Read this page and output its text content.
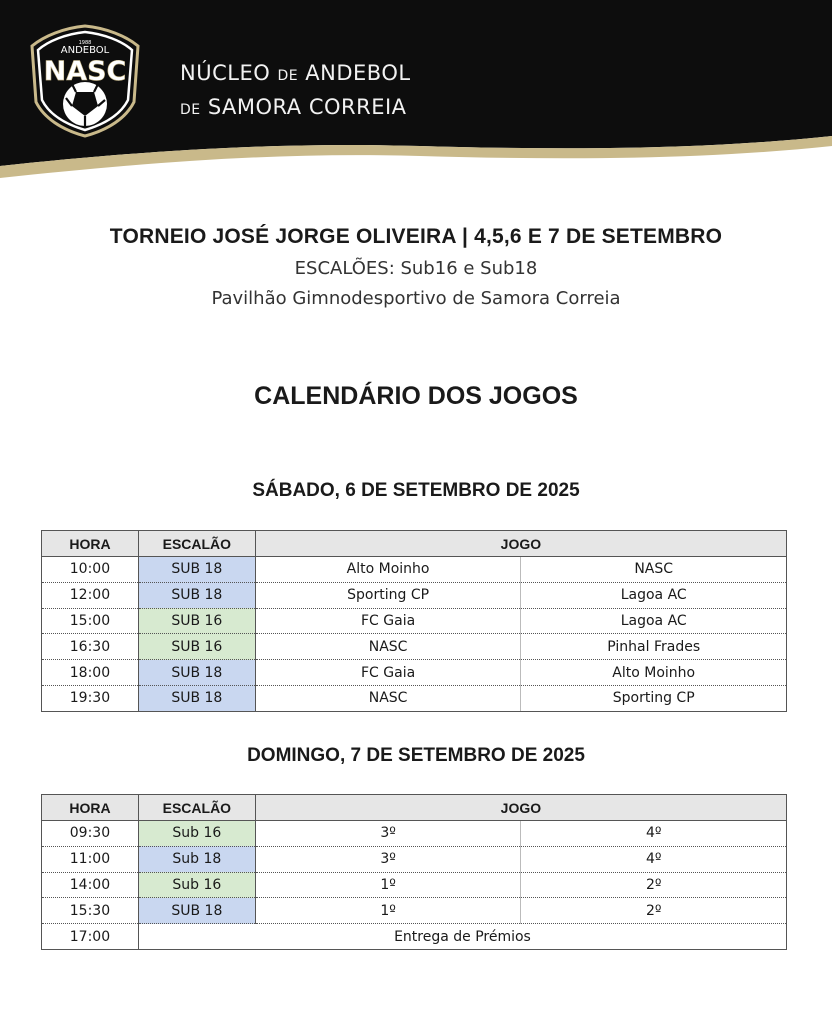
1988
ANDEBOL
NASC	NÚCLEO DE ANDEBOL
DE SAMORA CORREIA
TORNEIO JOSÉ JORGE OLIVEIRA | 4,5,6 E 7 DE SETEMBRO
ESCALÕES: Sub16 e Sub18
Pavilhão Gimnodesportivo de Samora Correia
CALENDÁRIO DOS JOGOS
SÁBADO, 6 DE SETEMBRO DE 2025
HORA	ESCALÃO	JOGO	
10:00	SUB 18	Alto Moinho	NASC
12:00	SUB 18	Sporting CP	Lagoa AC
15:00	SUB 16	FC Gaia	Lagoa AC
16:30	SUB 16	NASC	Pinhal Frades
18:00	SUB 18	FC Gaia	Alto Moinho
19:30	SUB 18	NASC	Sporting CP
DOMINGO, 7 DE SETEMBRO DE 2025
HORA	ESCALÃO	JOGO	
09:30	Sub 16	3º	4º
11:00	Sub 18	3º	4º
14:00	Sub 16	1º	2º
15:30	SUB 18	1º	2º
17:00	Entrega de Prémios		
